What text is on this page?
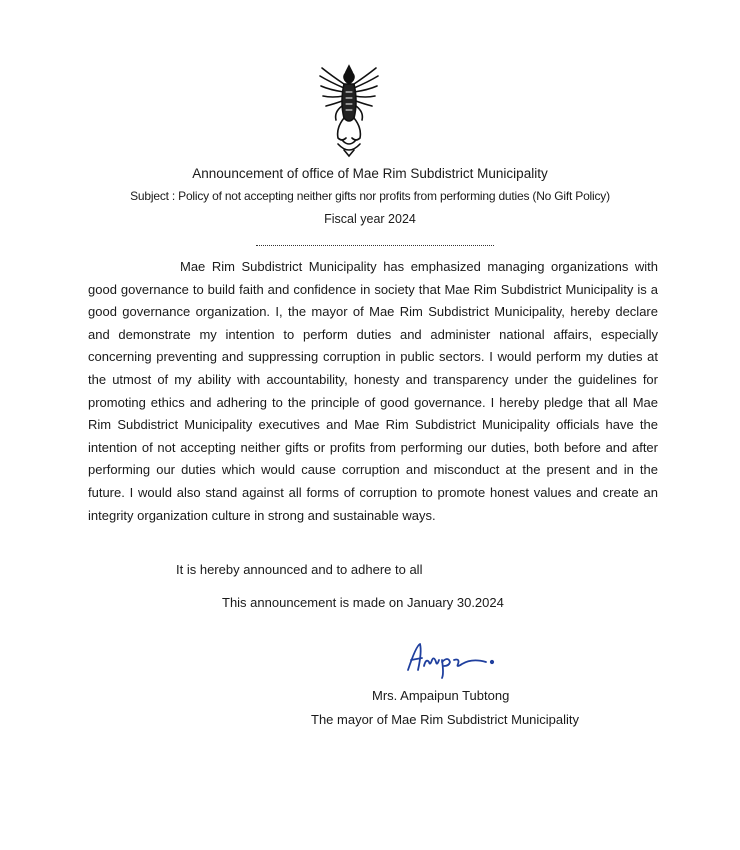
Announcement of office of Mae Rim Subdistrict Municipality
Subject : Policy of not accepting neither gifts nor profits from performing duties (No Gift Policy)
Fiscal year 2024

Mae Rim Subdistrict Municipality has emphasized managing organizations with good governance to build faith and confidence in society that Mae Rim Subdistrict Municipality is a good governance organization. I, the mayor of Mae Rim Subdistrict Municipality, hereby declare and demonstrate my intention to perform duties and administer national affairs, especially concerning preventing and suppressing corruption in public sectors. I would perform my duties at the utmost of my ability with accountability, honesty and transparency under the guidelines for promoting ethics and adhering to the principle of good governance. I hereby pledge that all Mae Rim Subdistrict Municipality executives and Mae Rim Subdistrict Municipality officials have the intention of not accepting neither gifts or profits from performing our duties, both before and after performing our duties which would cause corruption and misconduct at the present and in the future. I would also stand against all forms of corruption to promote honest values and create an integrity organization culture in strong and sustainable ways.

It is hereby announced and to adhere to all
This announcement is made on January 30.2024
Mrs. Ampaipun Tubtong
The mayor of Mae Rim Subdistrict Municipality
